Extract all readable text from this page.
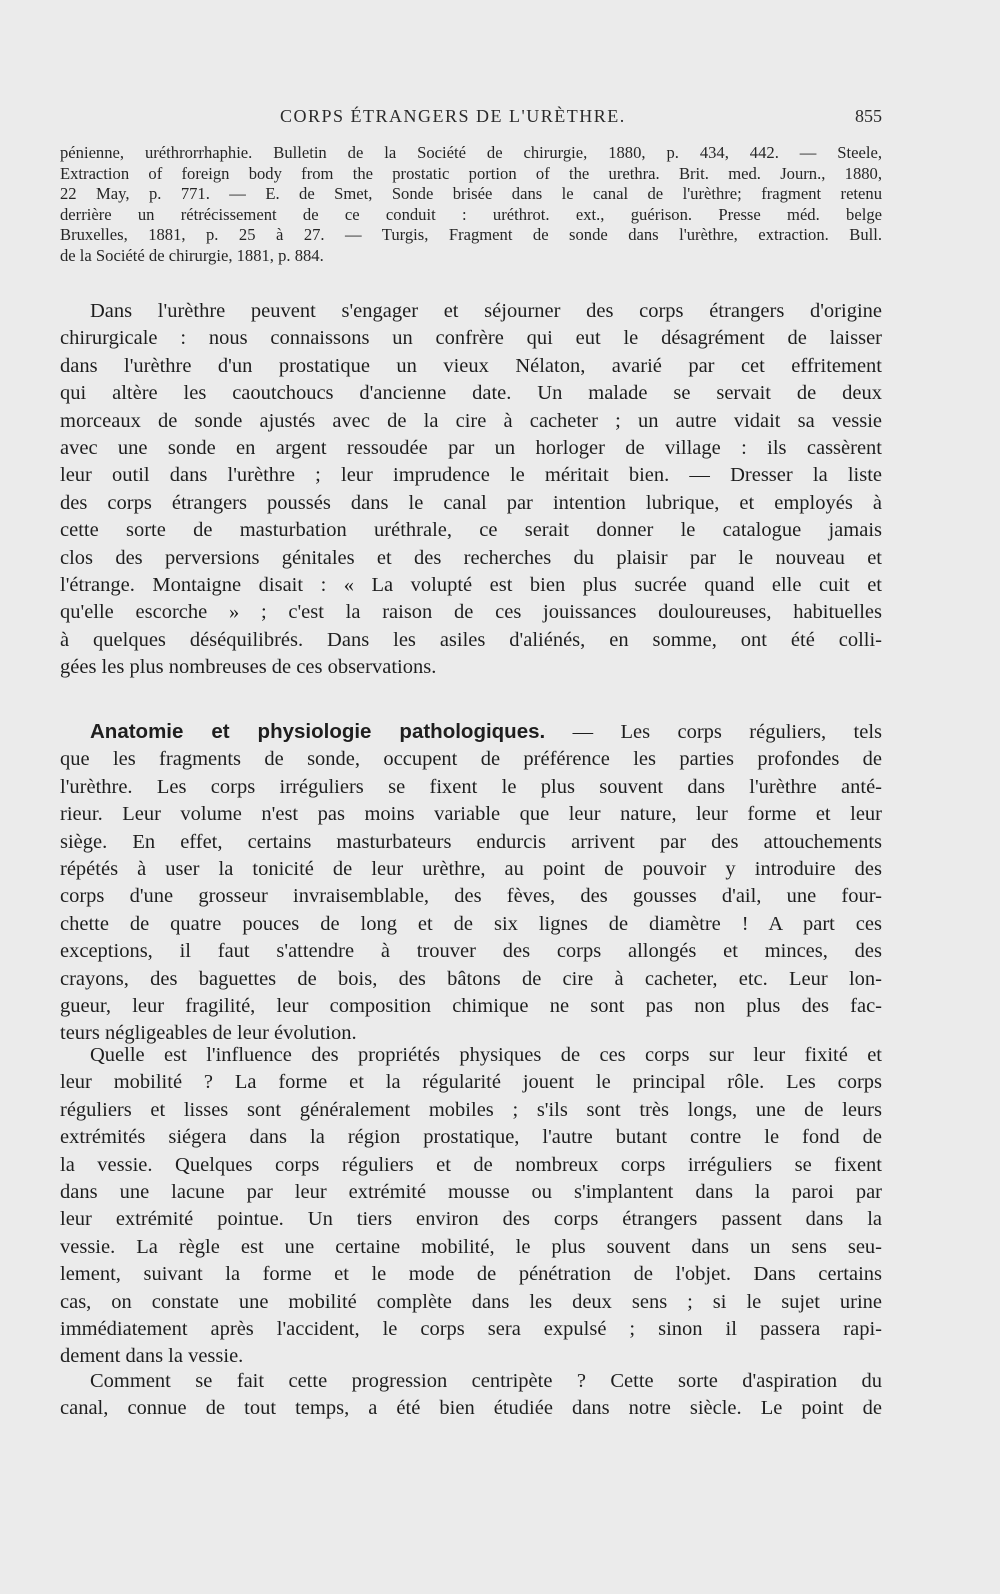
CORPS ÉTRANGERS DE L'URÈTHRE.	855
pénienne, uréthrorrhaphie. Bulletin de la Société de chirurgie, 1880, p. 434, 442. — Steele,
Extraction of foreign body from the prostatic portion of the urethra. Brit. med. Journ., 1880,
22 May, p. 771. — E. de Smet, Sonde brisée dans le canal de l'urèthre; fragment retenu
derrière un rétrécissement de ce conduit : uréthrot. ext., guérison. Presse méd. belge
Bruxelles, 1881, p. 25 à 27. — Turgis, Fragment de sonde dans l'urèthre, extraction. Bull.
de la Société de chirurgie, 1881, p. 884.
Dans l'urèthre peuvent s'engager et séjourner des corps étrangers d'origine
chirurgicale : nous connaissons un confrère qui eut le désagrément de laisser
dans l'urèthre d'un prostatique un vieux Nélaton, avarié par cet effritement
qui altère les caoutchoucs d'ancienne date. Un malade se servait de deux
morceaux de sonde ajustés avec de la cire à cacheter ; un autre vidait sa vessie
avec une sonde en argent ressoudée par un horloger de village : ils cassèrent
leur outil dans l'urèthre ; leur imprudence le méritait bien. — Dresser la liste
des corps étrangers poussés dans le canal par intention lubrique, et employés à
cette sorte de masturbation uréthrale, ce serait donner le catalogue jamais
clos des perversions génitales et des recherches du plaisir par le nouveau et
l'étrange. Montaigne disait : « La volupté est bien plus sucrée quand elle cuit et
qu'elle escorche » ; c'est la raison de ces jouissances douloureuses, habituelles
à quelques déséquilibrés. Dans les asiles d'aliénés, en somme, ont été colli-
gées les plus nombreuses de ces observations.
Anatomie et physiologie pathologiques. — Les corps réguliers, tels
que les fragments de sonde, occupent de préférence les parties profondes de
l'urèthre. Les corps irréguliers se fixent le plus souvent dans l'urèthre anté-
rieur. Leur volume n'est pas moins variable que leur nature, leur forme et leur
siège. En effet, certains masturbateurs endurcis arrivent par des attouchements
répétés à user la tonicité de leur urèthre, au point de pouvoir y introduire des
corps d'une grosseur invraisemblable, des fèves, des gousses d'ail, une four-
chette de quatre pouces de long et de six lignes de diamètre ! A part ces
exceptions, il faut s'attendre à trouver des corps allongés et minces, des
crayons, des baguettes de bois, des bâtons de cire à cacheter, etc. Leur lon-
gueur, leur fragilité, leur composition chimique ne sont pas non plus des fac-
teurs négligeables de leur évolution.
Quelle est l'influence des propriétés physiques de ces corps sur leur fixité et
leur mobilité ? La forme et la régularité jouent le principal rôle. Les corps
réguliers et lisses sont généralement mobiles ; s'ils sont très longs, une de leurs
extrémités siégera dans la région prostatique, l'autre butant contre le fond de
la vessie. Quelques corps réguliers et de nombreux corps irréguliers se fixent
dans une lacune par leur extrémité mousse ou s'implantent dans la paroi par
leur extrémité pointue. Un tiers environ des corps étrangers passent dans la
vessie. La règle est une certaine mobilité, le plus souvent dans un sens seu-
lement, suivant la forme et le mode de pénétration de l'objet. Dans certains
cas, on constate une mobilité complète dans les deux sens ; si le sujet urine
immédiatement après l'accident, le corps sera expulsé ; sinon il passera rapi-
dement dans la vessie.
Comment se fait cette progression centripète ? Cette sorte d'aspiration du
canal, connue de tout temps, a été bien étudiée dans notre siècle. Le point de
